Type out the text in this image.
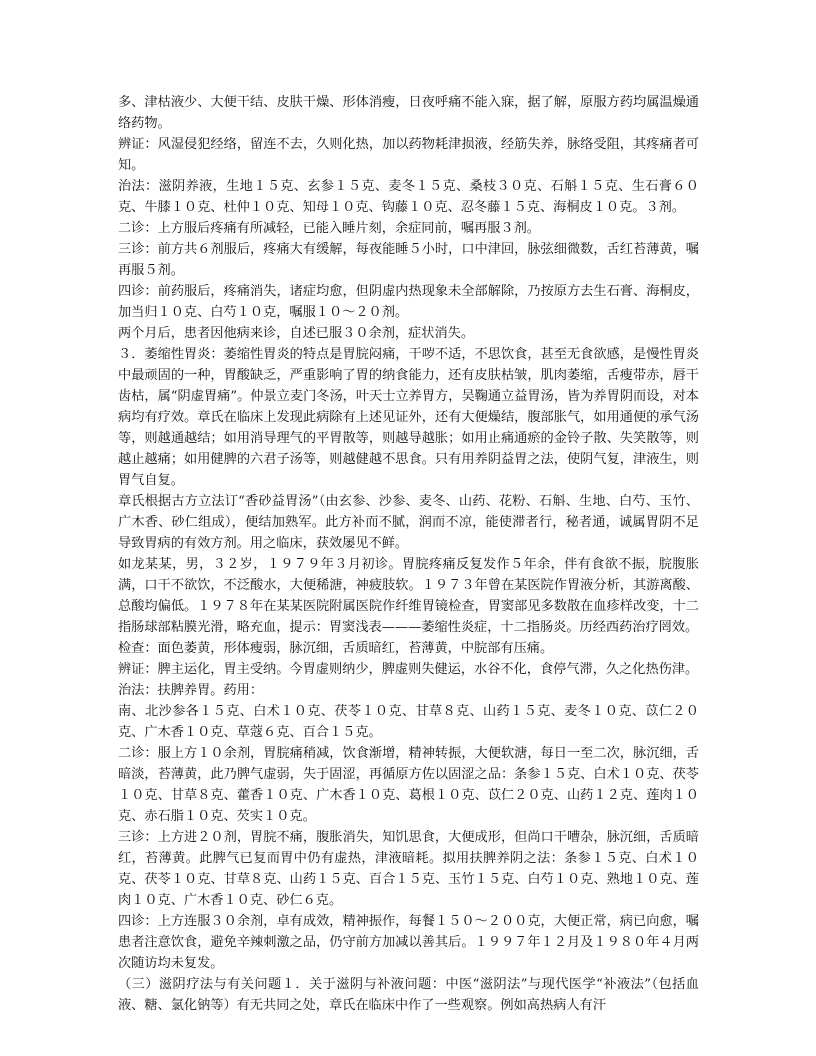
多、津枯液少、大便干结、皮肤干燥、形体消瘦，日夜呼痛不能入寐，据了解，原服方药均属温燥通络药物。

辨证：风湿侵犯经络，留连不去，久则化热，加以药物耗津损液，经筋失养，脉络受阻，其疼痛者可知。

治法：滋阴养液，生地１５克、玄参１５克、麦冬１５克、桑枝３０克、石斛１５克、生石膏６０克、牛膝１０克、杜仲１０克、知母１０克、钩藤１０克、忍冬藤１５克、海桐皮１０克。３剂。

二诊：上方服后疼痛有所减轻，已能入睡片刻，余症同前，嘱再服３剂。

三诊：前方共６剂服后，疼痛大有缓解，每夜能睡５小时，口中津回，脉弦细微数，舌红苔薄黄，嘱再服５剂。

四诊：前药服后，疼痛消失，诸症均愈，但阴虚内热现象未全部解除，乃按原方去生石膏、海桐皮，加当归１０克、白芍１０克，嘱服１０～２０剂。

两个月后，患者因他病来诊，自述已服３０余剂，症状消失。

３．萎缩性胃炎：萎缩性胃炎的特点是胃脘闷痛，干哕不适，不思饮食，甚至无食欲感，是慢性胃炎中最顽固的一种，胃酸缺乏，严重影响了胃的纳食能力，还有皮肤枯皱，肌肉萎缩，舌瘦带赤，唇干齿枯，属“阴虚胃痛”。仲景立麦门冬汤，叶天士立养胃方，吴鞠通立益胃汤，皆为养胃阴而设，对本病均有疗效。章氏在临床上发现此病除有上述见证外，还有大便燥结，腹部胀气，如用通便的承气汤等，则越通越结；如用消导理气的平胃散等，则越导越胀；如用止痛通瘀的金铃子散、失笑散等，则越止越痛；如用健脾的六君子汤等，则越健越不思食。只有用养阴益胃之法，使阴气复，津液生，则胃气自复。

章氏根据古方立法订“香砂益胃汤”（由玄参、沙参、麦冬、山药、花粉、石斛、生地、白芍、玉竹、广木香、砂仁组成），便结加熟军。此方补而不腻，润而不凉，能使滞者行，秘者通，诚属胃阴不足导致胃病的有效方剂。用之临床，获效屡见不鲜。

如龙某某，男，３２岁，１９７９年３月初诊。胃脘疼痛反复发作５年余，伴有食欲不振，脘腹胀满，口干不欲饮，不泛酸水，大便稀溏，神疲肢软。１９７３年曾在某医院作胃液分析，其游离酸、总酸均偏低。１９７８年在某某医院附属医院作纤维胃镜检查，胃窦部见多数散在血疹样改变，十二指肠球部粘膜光滑，略充血，提示：胃窦浅表———萎缩性炎症，十二指肠炎。历经西药治疗罔效。

检查：面色萎黄，形体瘦弱，脉沉细，舌质暗红，苔薄黄，中脘部有压痛。

辨证：脾主运化，胃主受纳。今胃虚则纳少，脾虚则失健运，水谷不化，食停气滞，久之化热伤津。

治法：扶脾养胃。药用：

南、北沙参各１５克、白术１０克、茯苓１０克、甘草８克、山药１５克、麦冬１０克、苡仁２０克、广木香１０克、草蔻６克、百合１５克。

二诊：服上方１０余剂，胃脘痛稍减，饮食渐增，精神转振，大便软溏，每日一至二次，脉沉细，舌暗淡，苔薄黄，此乃脾气虚弱，失于固涩，再循原方佐以固涩之品：条参１５克、白术１０克、茯苓１０克、甘草８克、藿香１０克、广木香１０克、葛根１０克、苡仁２０克、山药１２克、莲肉１０克、赤石脂１０克、芡实１０克。

三诊：上方进２０剂，胃脘不痛，腹胀消失，知饥思食，大便成形，但尚口干嘈杂，脉沉细，舌质暗红，苔薄黄。此脾气已复而胃中仍有虚热，津液暗耗。拟用扶脾养阴之法：条参１５克、白术１０克、茯苓１０克、甘草８克、山药１５克、百合１５克、玉竹１５克、白芍１０克、熟地１０克、莲肉１０克、广木香１０克、砂仁６克。

四诊：上方连服３０余剂，卓有成效，精神振作，每餐１５０～２００克，大便正常，病已向愈，嘱患者注意饮食，避免辛辣刺激之品，仍守前方加减以善其后。１９９７年１２月及１９８０年４月两次随访均未复发。

（三）滋阴疗法与有关问题１．关于滋阴与补液问题：中医“滋阴法”与现代医学“补液法”（包括血液、糖、氯化钠等）有无共同之处，章氏在临床中作了一些观察。例如高热病人有汗
